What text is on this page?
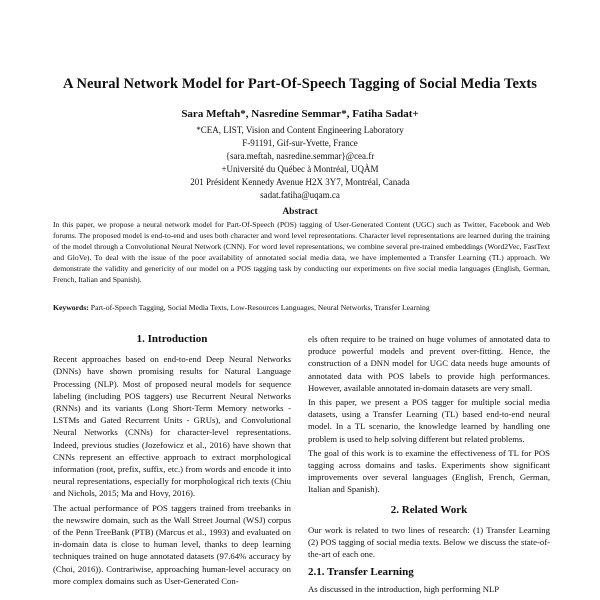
A Neural Network Model for Part-Of-Speech Tagging of Social Media Texts
Sara Meftah*, Nasredine Semmar*, Fatiha Sadat+
*CEA, LIST, Vision and Content Engineering Laboratory
F-91191, Gif-sur-Yvette, France
{sara.meftah, nasredine.semmar}@cea.fr
+Université du Québec à Montréal, UQÀM
201 Président Kennedy Avenue H2X 3Y7, Montréal, Canada
sadat.fatiha@uqam.ca
Abstract
In this paper, we propose a neural network model for Part-Of-Speech (POS) tagging of User-Generated Content (UGC) such as Twitter, Facebook and Web forums. The proposed model is end-to-end and uses both character and word level representations. Character level representations are learned during the training of the model through a Convolutional Neural Network (CNN). For word level representations, we combine several pre-trained embeddings (Word2Vec, FastText and GloVe). To deal with the issue of the poor availability of annotated social media data, we have implemented a Transfer Learning (TL) approach. We demonstrate the validity and genericity of our model on a POS tagging task by conducting our experiments on five social media languages (English, German, French, Italian and Spanish).
Keywords: Part-of-Speech Tagging, Social Media Texts, Low-Resources Languages, Neural Networks, Transfer Learning
1. Introduction

Recent approaches based on end-to-end Deep Neural Networks (DNNs) have shown promising results for Natural Language Processing (NLP). Most of proposed neural models for sequence labeling (including POS taggers) use Recurrent Neural Networks (RNNs) and its variants (Long Short-Term Memory networks - LSTMs and Gated Recurrent Units - GRUs), and Convolutional Neural Networks (CNNs) for character-level representations. Indeed, previous studies (Jozefowicz et al., 2016) have shown that CNNs represent an effective approach to extract morphological information (root, prefix, suffix, etc.) from words and encode it into neural representations, especially for morphological rich texts (Chiu and Nichols, 2015; Ma and Hovy, 2016).

The actual performance of POS taggers trained from treebanks in the newswire domain, such as the Wall Street Journal (WSJ) corpus of the Penn TreeBank (PTB) (Marcus et al., 1993) and evaluated on in-domain data is close to human level, thanks to deep learning techniques trained on huge annotated datasets (97.64% accuracy by (Choi, 2016)). Contrariwise, approaching human-level accuracy on more complex domains such as User-Generated Con-

els often require to be trained on huge volumes of annotated data to produce powerful models and prevent over-fitting. Hence, the construction of a DNN model for UGC data needs huge amounts of annotated data with POS labels to provide high performances. However, available annotated in-domain datasets are very small.

In this paper, we present a POS tagger for multiple social media datasets, using a Transfer Learning (TL) based end-to-end neural model. In a TL scenario, the knowledge learned by handling one problem is used to help solving different but related problems.

The goal of this work is to examine the effectiveness of TL for POS tagging across domains and tasks. Experiments show significant improvements over several languages (English, French, German, Italian and Spanish).

2. Related Work

Our work is related to two lines of research: (1) Transfer Learning (2) POS tagging of social media texts. Below we discuss the state-of-the-art of each one.

2.1. Transfer Learning

As discussed in the introduction, high performing NLP
